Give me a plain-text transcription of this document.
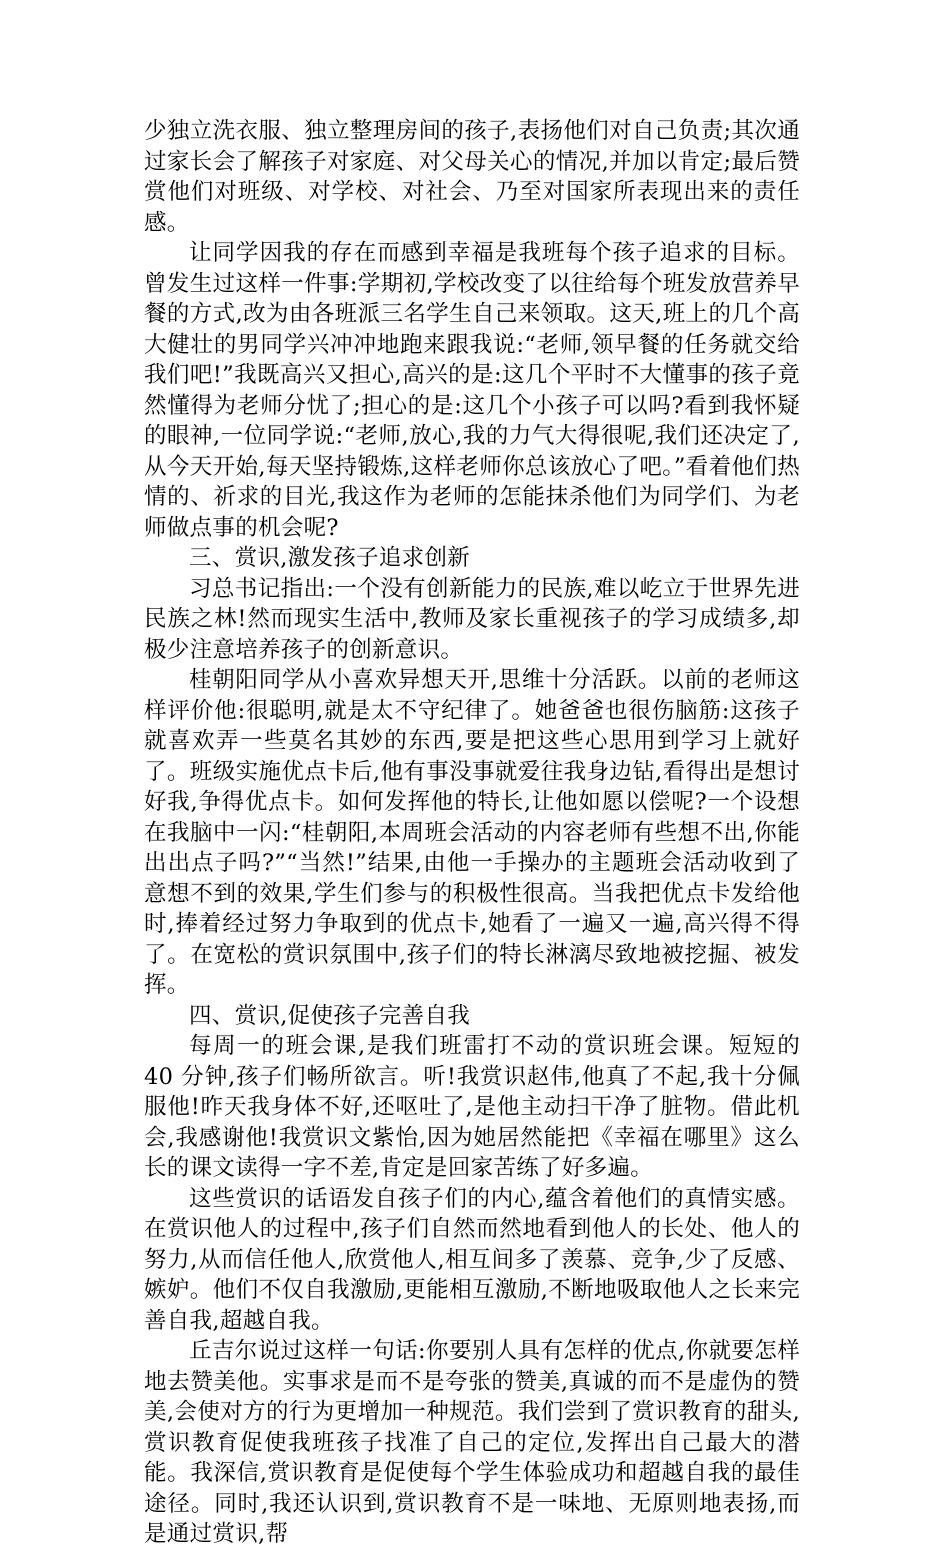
少独立洗衣服、独立整理房间的孩子,表扬他们对自己负责;其次通过家长会了解孩子对家庭、对父母关心的情况,并加以肯定;最后赞赏他们对班级、对学校、对社会、乃至对国家所表现出来的责任感。

让同学因我的存在而感到幸福是我班每个孩子追求的目标。曾发生过这样一件事:学期初,学校改变了以往给每个班发放营养早餐的方式,改为由各班派三名学生自己来领取。这天,班上的几个高大健壮的男同学兴冲冲地跑来跟我说:“老师,领早餐的任务就交给我们吧!”我既高兴又担心,高兴的是:这几个平时不大懂事的孩子竟然懂得为老师分忧了;担心的是:这几个小孩子可以吗?看到我怀疑的眼神,一位同学说:“老师,放心,我的力气大得很呢,我们还决定了,从今天开始,每天坚持锻炼,这样老师你总该放心了吧。”看着他们热情的、祈求的目光,我这作为老师的怎能抹杀他们为同学们、为老师做点事的机会呢?

三、赏识,激发孩子追求创新

习总书记指出:一个没有创新能力的民族,难以屹立于世界先进民族之林!然而现实生活中,教师及家长重视孩子的学习成绩多,却极少注意培养孩子的创新意识。

桂朝阳同学从小喜欢异想天开,思维十分活跃。以前的老师这样评价他:很聪明,就是太不守纪律了。她爸爸也很伤脑筋:这孩子就喜欢弄一些莫名其妙的东西,要是把这些心思用到学习上就好了。班级实施优点卡后,他有事没事就爱往我身边钻,看得出是想讨好我,争得优点卡。如何发挥他的特长,让他如愿以偿呢?一个设想在我脑中一闪:“桂朝阳,本周班会活动的内容老师有些想不出,你能出出点子吗?”“当然!”结果,由他一手操办的主题班会活动收到了意想不到的效果,学生们参与的积极性很高。当我把优点卡发给他时,捧着经过努力争取到的优点卡,她看了一遍又一遍,高兴得不得了。在宽松的赏识氛围中,孩子们的特长淋漓尽致地被挖掘、被发挥。

四、赏识,促使孩子完善自我

每周一的班会课,是我们班雷打不动的赏识班会课。短短的 40 分钟,孩子们畅所欲言。听!我赏识赵伟,他真了不起,我十分佩服他!昨天我身体不好,还呕吐了,是他主动扫干净了脏物。借此机会,我感谢他!我赏识文紫怡,因为她居然能把《幸福在哪里》这么长的课文读得一字不差,肯定是回家苦练了好多遍。

这些赏识的话语发自孩子们的内心,蕴含着他们的真情实感。在赏识他人的过程中,孩子们自然而然地看到他人的长处、他人的努力,从而信任他人,欣赏他人,相互间多了羡慕、竞争,少了反感、嫉妒。他们不仅自我激励,更能相互激励,不断地吸取他人之长来完善自我,超越自我。

丘吉尔说过这样一句话:你要别人具有怎样的优点,你就要怎样地去赞美他。实事求是而不是夸张的赞美,真诚的而不是虚伪的赞美,会使对方的行为更增加一种规范。我们尝到了赏识教育的甜头,赏识教育促使我班孩子找准了自己的定位,发挥出自己最大的潜能。我深信,赏识教育是促使每个学生体验成功和超越自我的最佳途径。同时,我还认识到,赏识教育不是一味地、无原则地表扬,而是通过赏识,帮
